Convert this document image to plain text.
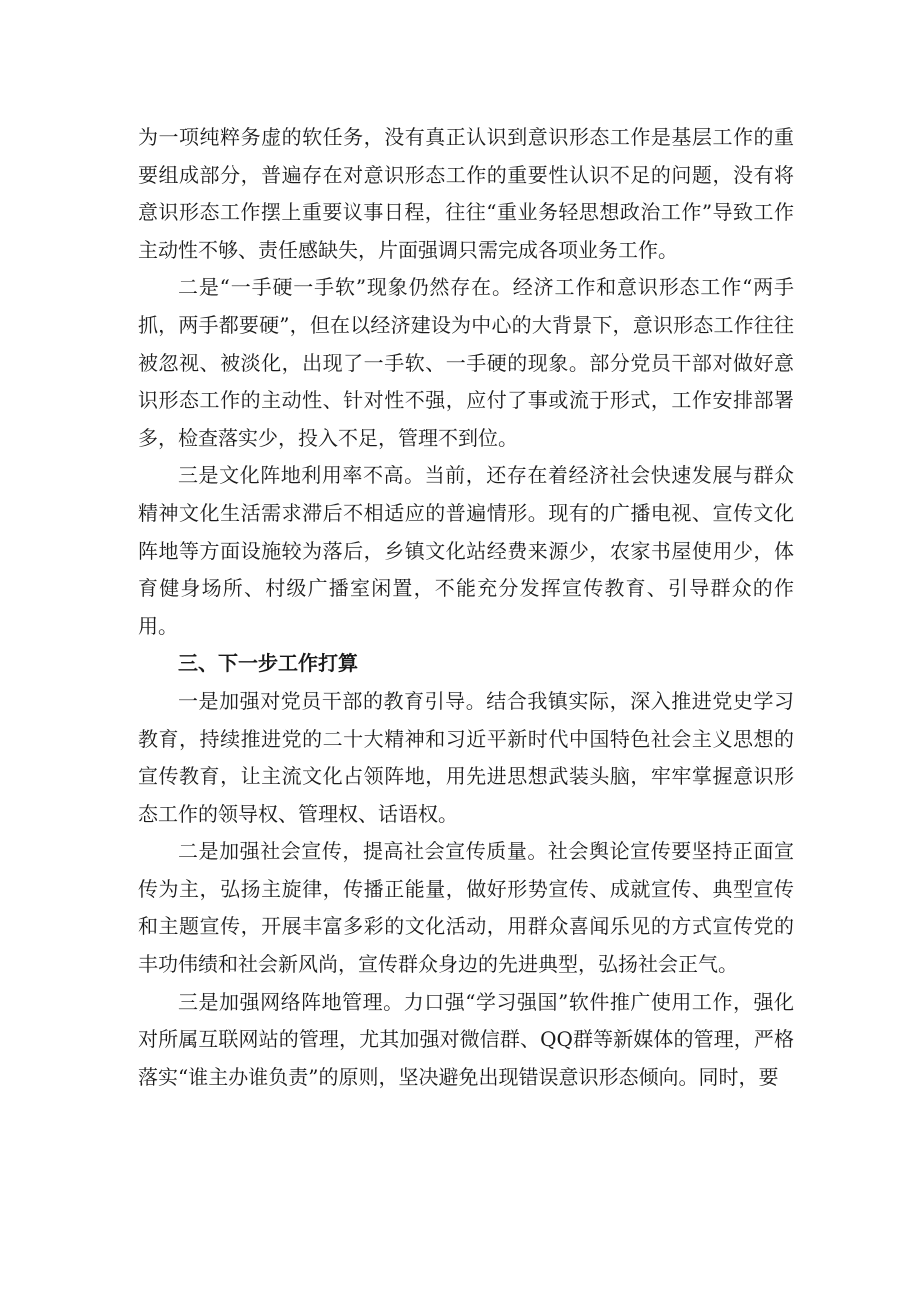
为一项纯粹务虚的软任务，没有真正认识到意识形态工作是基层工作的重要组成部分，普遍存在对意识形态工作的重要性认识不足的问题，没有将意识形态工作摆上重要议事日程，往往“重业务轻思想政治工作”导致工作主动性不够、责任感缺失，片面强调只需完成各项业务工作。

二是“一手硬一手软”现象仍然存在。经济工作和意识形态工作“两手抓，两手都要硬”，但在以经济建设为中心的大背景下，意识形态工作往往被忽视、被淡化，出现了一手软、一手硬的现象。部分党员干部对做好意识形态工作的主动性、针对性不强，应付了事或流于形式，工作安排部署多，检查落实少，投入不足，管理不到位。

三是文化阵地利用率不高。当前，还存在着经济社会快速发展与群众精神文化生活需求滞后不相适应的普遍情形。现有的广播电视、宣传文化阵地等方面设施较为落后，乡镇文化站经费来源少，农家书屋使用少，体育健身场所、村级广播室闲置，不能充分发挥宣传教育、引导群众的作用。

三、下一步工作打算

一是加强对党员干部的教育引导。结合我镇实际，深入推进党史学习教育，持续推进党的二十大精神和习近平新时代中国特色社会主义思想的宣传教育，让主流文化占领阵地，用先进思想武装头脑，牢牢掌握意识形态工作的领导权、管理权、话语权。

二是加强社会宣传，提高社会宣传质量。社会舆论宣传要坚持正面宣传为主，弘扬主旋律，传播正能量，做好形势宣传、成就宣传、典型宣传和主题宣传，开展丰富多彩的文化活动，用群众喜闻乐见的方式宣传党的丰功伟绩和社会新风尚，宣传群众身边的先进典型，弘扬社会正气。

三是加强网络阵地管理。力口强“学习强国”软件推广使用工作，强化对所属互联网站的管理，尤其加强对微信群、QQ群等新媒体的管理，严格落实“谁主办谁负责”的原则，坚决避免出现错误意识形态倾向。同时，要
